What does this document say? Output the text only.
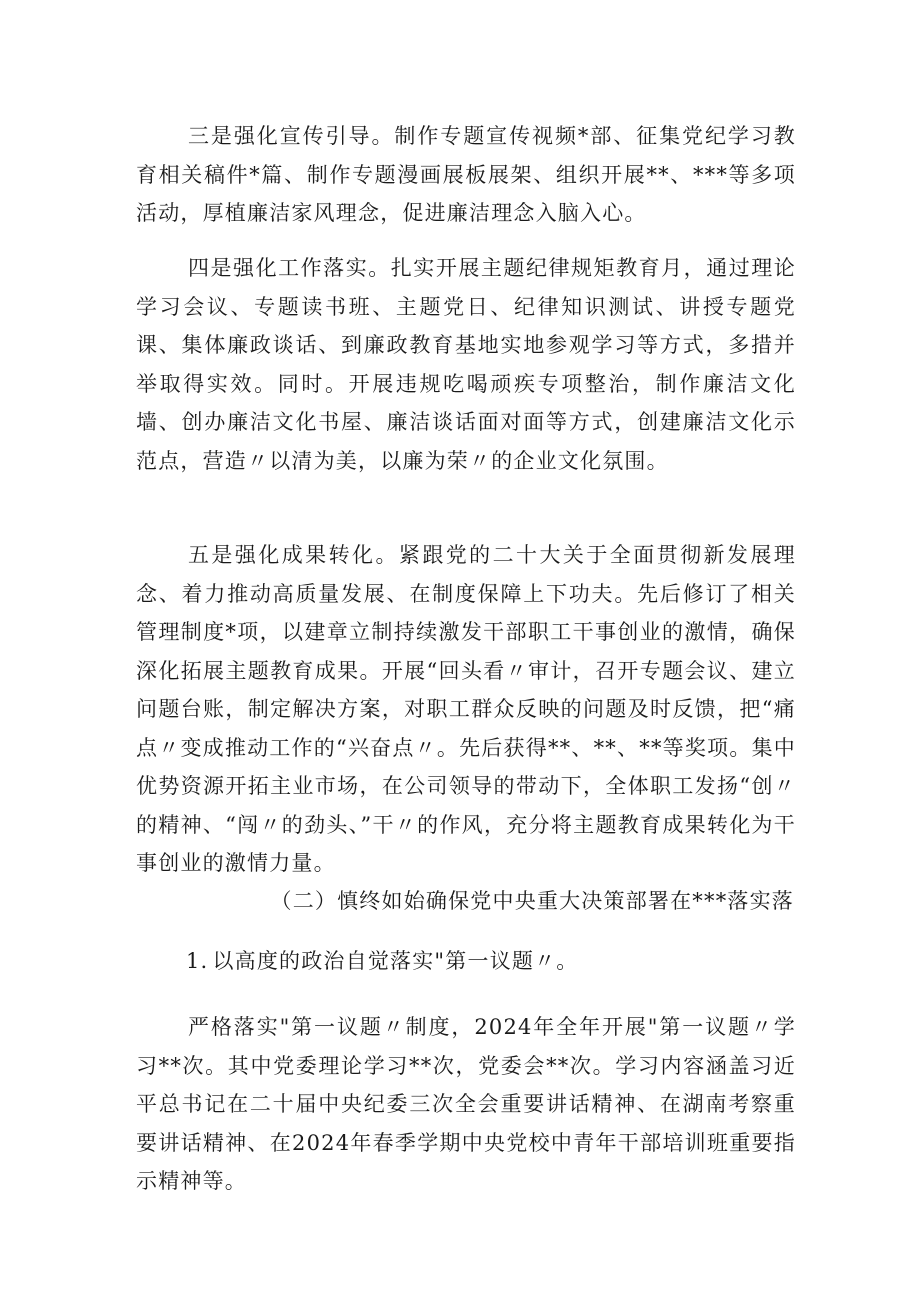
三是强化宣传引导。制作专题宣传视频*部、征集党纪学习教育相关稿件*篇、制作专题漫画展板展架、组织开展**、***等多项活动，厚植廉洁家风理念，促进廉洁理念入脑入心。

四是强化工作落实。扎实开展主题纪律规矩教育月，通过理论学习会议、专题读书班、主题党日、纪律知识测试、讲授专题党课、集体廉政谈话、到廉政教育基地实地参观学习等方式，多措并举取得实效。同时。开展违规吃喝顽疾专项整治，制作廉洁文化墙、创办廉洁文化书屋、廉洁谈话面对面等方式，创建廉洁文化示范点，营造〃以清为美，以廉为荣〃的企业文化氛围。

五是强化成果转化。紧跟党的二十大关于全面贯彻新发展理念、着力推动高质量发展、在制度保障上下功夫。先后修订了相关管理制度*项，以建章立制持续激发干部职工干事创业的激情，确保深化拓展主题教育成果。开展“回头看〃审计，召开专题会议、建立问题台账，制定解决方案，对职工群众反映的问题及时反馈，把“痛点〃变成推动工作的“兴奋点〃。先后获得**、**、**等奖项。集中优势资源开拓主业市场，在公司领导的带动下，全体职工发扬“创〃的精神、“闯〃的劲头、”干〃的作风，充分将主题教育成果转化为干事创业的激情力量。

（二）慎终如始确保党中央重大决策部署在***落实落

1. 以高度的政治自觉落实"第一议题〃。

严格落实"第一议题〃制度，2024年全年开展"第一议题〃学习**次。其中党委理论学习**次，党委会**次。学习内容涵盖习近平总书记在二十届中央纪委三次全会重要讲话精神、在湖南考察重要讲话精神、在2024年春季学期中央党校中青年干部培训班重要指示精神等。
